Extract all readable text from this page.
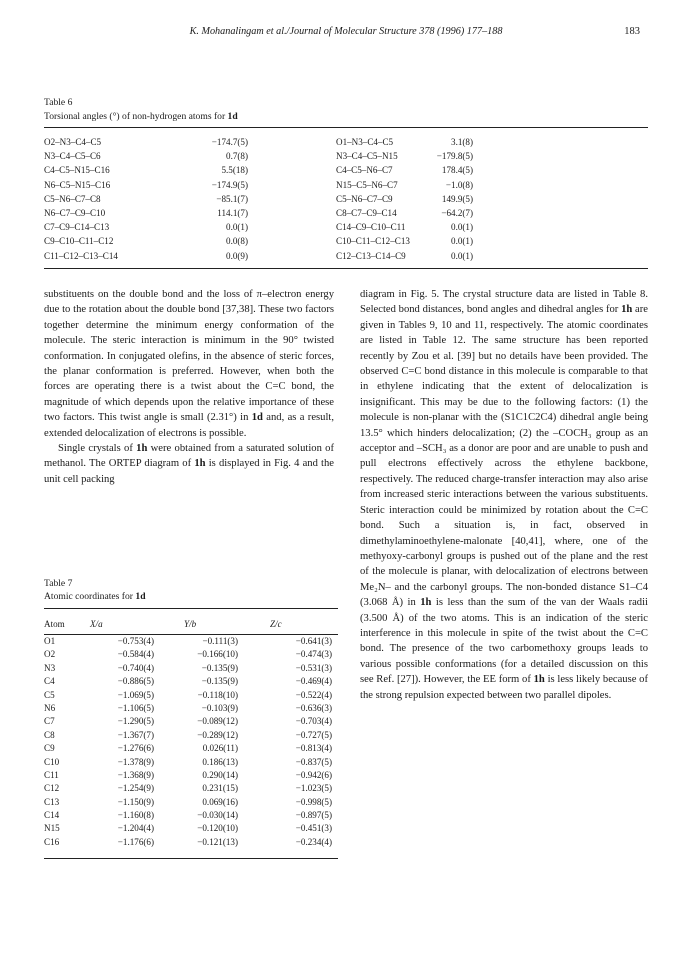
K. Mohanalingam et al./Journal of Molecular Structure 378 (1996) 177–188	183
Table 6
Torsional angles (°) of non-hydrogen atoms for 1d
O2–N3–C4–C5	−174.7(5)	O1–N3–C4–C5	3.1(8)
N3–C4–C5–C6	0.7(8)	N3–C4–C5–N15	−179.8(5)
C4–C5–N15–C16	5.5(18)	C4–C5–N6–C7	178.4(5)
N6–C5–N15–C16	−174.9(5)	N15–C5–N6–C7	−1.0(8)
C5–N6–C7–C8	−85.1(7)	C5–N6–C7–C9	149.9(5)
N6–C7–C9–C10	114.1(7)	C8–C7–C9–C14	−64.2(7)
C7–C9–C14–C13	0.0(1)	C14–C9–C10–C11	0.0(1)
C9–C10–C11–C12	0.0(8)	C10–C11–C12–C13	0.0(1)
C11–C12–C13–C14	0.0(9)	C12–C13–C14–C9	0.0(1)

substituents on the double bond and the loss of π–electron energy due to the rotation about the double bond [37,38]. These two factors together determine the minimum energy conformation of the molecule. The steric interaction is minimum in the 90° twisted conformation. In conjugated olefins, in the absence of steric forces, the planar conformation is preferred. However, when both the forces are operating there is a twist about the C=C bond, the magnitude of which depends upon the relative importance of these two factors. This twist angle is small (2.31°) in 1d and, as a result, extended delocalization of electrons is possible.

Single crystals of 1h were obtained from a saturated solution of methanol. The ORTEP diagram of 1h is displayed in Fig. 4 and the unit cell packing

diagram in Fig. 5. The crystal structure data are listed in Table 8. Selected bond distances, bond angles and dihedral angles for 1h are given in Tables 9, 10 and 11, respectively. The atomic coordinates are listed in Table 12. The same structure has been reported recently by Zou et al. [39] but no details have been provided. The observed C=C bond distance in this molecule is comparable to that in ethylene indicating that the extent of delocalization is insignificant. This may be due to the following factors: (1) the molecule is non-planar with the (S1C1C2C4) dihedral angle being 13.5° which hinders delocalization; (2) the –COCH₃ group as an acceptor and –SCH₃ as a donor are poor and are unable to push and pull electrons effectively across the ethylene backbone, respectively. The reduced charge-transfer interaction may also arise from increased steric interactions between the various substituents. Steric interaction could be minimized by rotation about the C=C bond. Such a situation is, in fact, observed in dimethylaminoethylene-malonate [40,41], where, one of the methyoxy-carbonyl groups is pushed out of the plane and the rest of the molecule is planar, with delocalization of electrons between Me₂N– and the carbonyl groups. The non-bonded distance S1–C4 (3.068 Å) in 1h is less than the sum of the van der Waals radii (3.500 Å) of the two atoms. This is an indication of the steric interference in this molecule in spite of the twist about the C=C bond. The presence of the two carbomethoxy groups leads to various possible conformations (for a detailed discussion on this see Ref. [27]). However, the EE form of 1h is less likely because of the strong repulsion expected between two parallel dipoles.

Table 7
Atomic coordinates for 1d
Atom	X/a	Y/b	Z/c
O1	−0.753(4)	−0.111(3)	−0.641(3)
O2	−0.584(4)	−0.166(10)	−0.474(3)
N3	−0.740(4)	−0.135(9)	−0.531(3)
C4	−0.886(5)	−0.135(9)	−0.469(4)
C5	−1.069(5)	−0.118(10)	−0.522(4)
N6	−1.106(5)	−0.103(9)	−0.636(3)
C7	−1.290(5)	−0.089(12)	−0.703(4)
C8	−1.367(7)	−0.289(12)	−0.727(5)
C9	−1.276(6)	0.026(11)	−0.813(4)
C10	−1.378(9)	0.186(13)	−0.837(5)
C11	−1.368(9)	0.290(14)	−0.942(6)
C12	−1.254(9)	0.231(15)	−1.023(5)
C13	−1.150(9)	0.069(16)	−0.998(5)
C14	−1.160(8)	−0.030(14)	−0.897(5)
N15	−1.204(4)	−0.120(10)	−0.451(3)
C16	−1.176(6)	−0.121(13)	−0.234(4)
